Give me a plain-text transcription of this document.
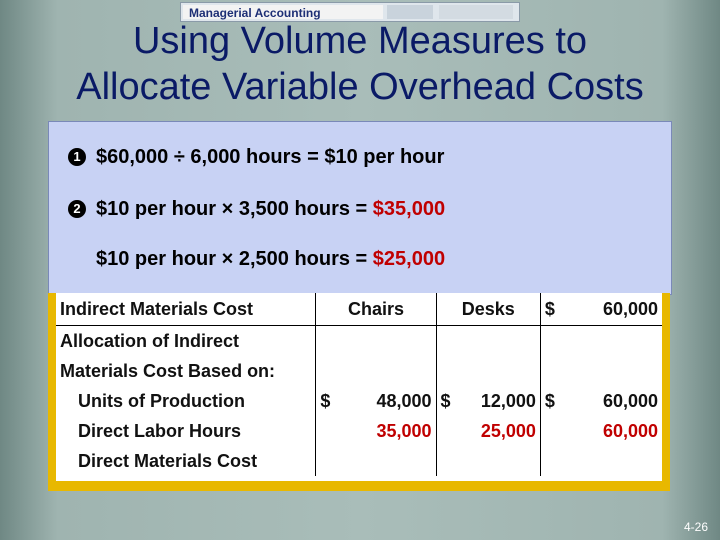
Managerial Accounting
Using Volume Measures to
Allocate Variable Overhead Costs
1 $60,000 ÷ 6,000 hours = $10 per hour
2 $10 per hour × 3,500 hours = $35,000
$10 per hour × 2,500 hours = $25,000
Indirect Materials Cost	Chairs	Desks	$ 60,000
Allocation of Indirect			
Materials Cost Based on:			
Units of Production	$ 48,000	$ 12,000	$ 60,000
Direct Labor Hours	35,000	25,000	60,000
Direct Materials Cost			
4-26
